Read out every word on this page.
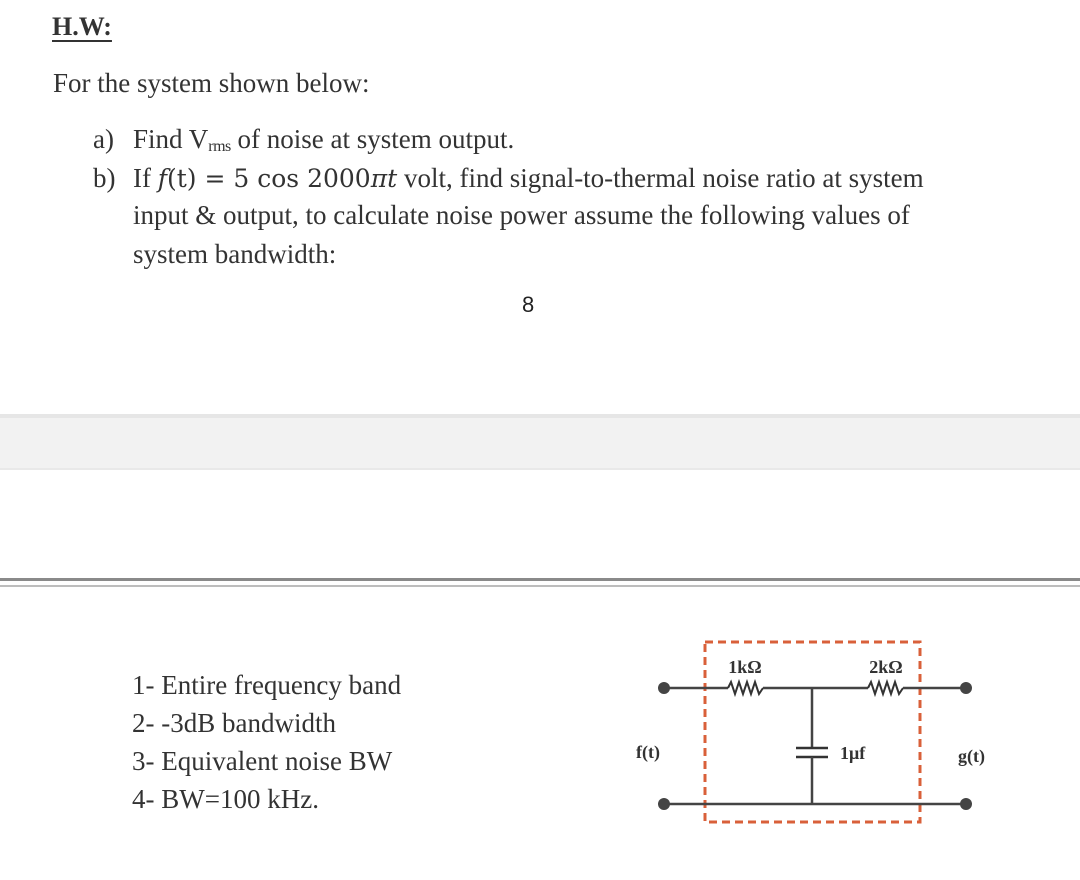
H.W:
For the system shown below:
a) Find $V_{rms}$ of noise at system output.
b) If f(t) = 5 cos 2000πt volt, find signal-to-thermal noise ratio at system
input & output, to calculate noise power assume the following values of
system bandwidth:
8
1- Entire frequency band
2- -3dB bandwidth
3- Equivalent noise BW
4- BW=100 kHz.
1kΩ	2kΩ
1μf
f(t)	g(t)
